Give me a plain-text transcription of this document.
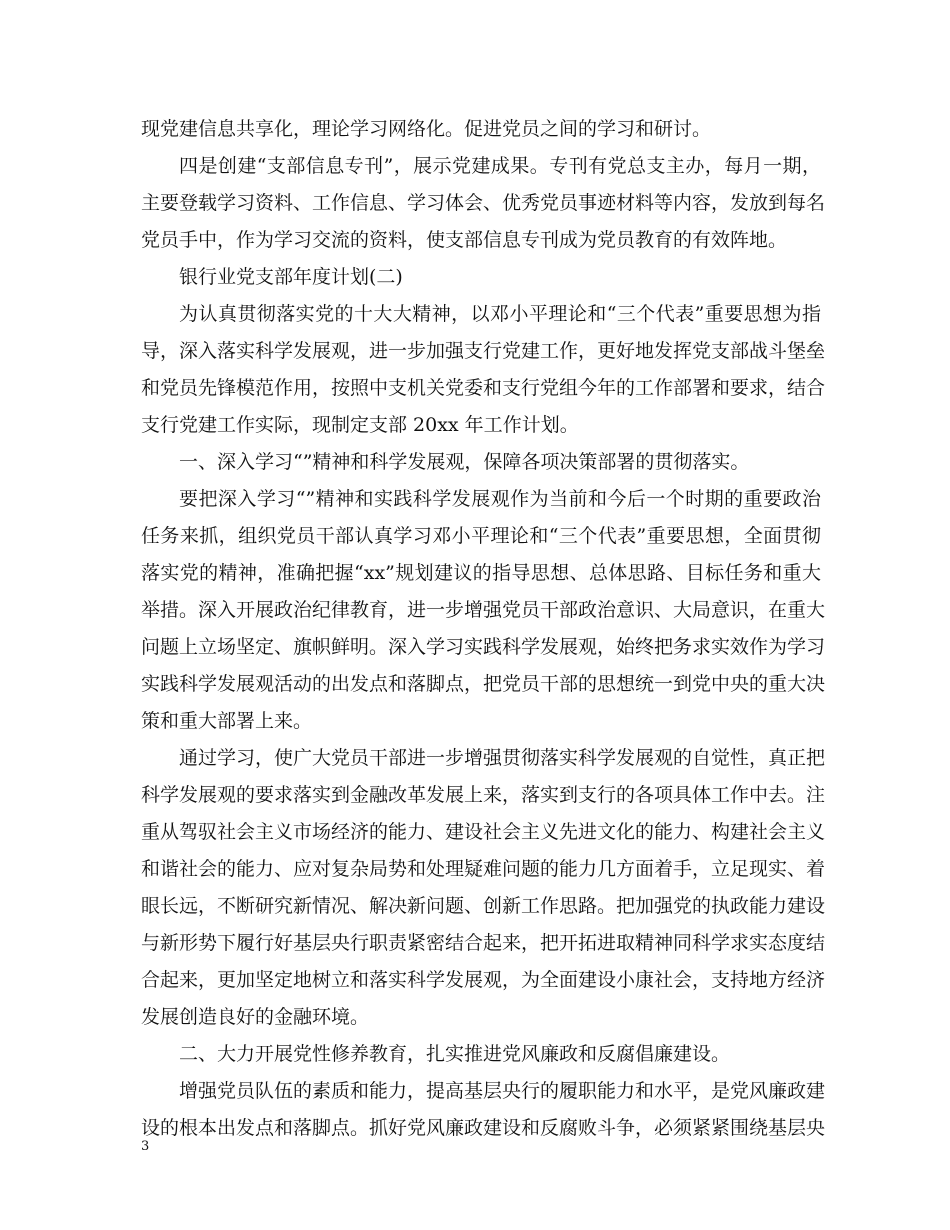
现党建信息共享化，理论学习网络化。促进党员之间的学习和研讨。
四是创建“支部信息专刊”，展示党建成果。专刊有党总支主办，每月一期，
主要登载学习资料、工作信息、学习体会、优秀党员事迹材料等内容，发放到每名
党员手中，作为学习交流的资料，使支部信息专刊成为党员教育的有效阵地。
银行业党支部年度计划(二)
为认真贯彻落实党的十大大精神，以邓小平理论和“三个代表”重要思想为指
导，深入落实科学发展观，进一步加强支行党建工作，更好地发挥党支部战斗堡垒
和党员先锋模范作用，按照中支机关党委和支行党组今年的工作部署和要求，结合
支行党建工作实际，现制定支部 20xx 年工作计划。
一、深入学习“”精神和科学发展观，保障各项决策部署的贯彻落实。
要把深入学习“”精神和实践科学发展观作为当前和今后一个时期的重要政治
任务来抓，组织党员干部认真学习邓小平理论和“三个代表”重要思想，全面贯彻
落实党的精神，准确把握“xx”规划建议的指导思想、总体思路、目标任务和重大
举措。深入开展政治纪律教育，进一步增强党员干部政治意识、大局意识，在重大
问题上立场坚定、旗帜鲜明。深入学习实践科学发展观，始终把务求实效作为学习
实践科学发展观活动的出发点和落脚点，把党员干部的思想统一到党中央的重大决
策和重大部署上来。
通过学习，使广大党员干部进一步增强贯彻落实科学发展观的自觉性，真正把
科学发展观的要求落实到金融改革发展上来，落实到支行的各项具体工作中去。注
重从驾驭社会主义市场经济的能力、建设社会主义先进文化的能力、构建社会主义
和谐社会的能力、应对复杂局势和处理疑难问题的能力几方面着手，立足现实、着
眼长远，不断研究新情况、解决新问题、创新工作思路。把加强党的执政能力建设
与新形势下履行好基层央行职责紧密结合起来，把开拓进取精神同科学求实态度结
合起来，更加坚定地树立和落实科学发展观，为全面建设小康社会，支持地方经济
发展创造良好的金融环境。
二、大力开展党性修养教育，扎实推进党风廉政和反腐倡廉建设。
增强党员队伍的素质和能力，提高基层央行的履职能力和水平，是党风廉政建
设的根本出发点和落脚点。抓好党风廉政建设和反腐败斗争，必须紧紧围绕基层央
3
